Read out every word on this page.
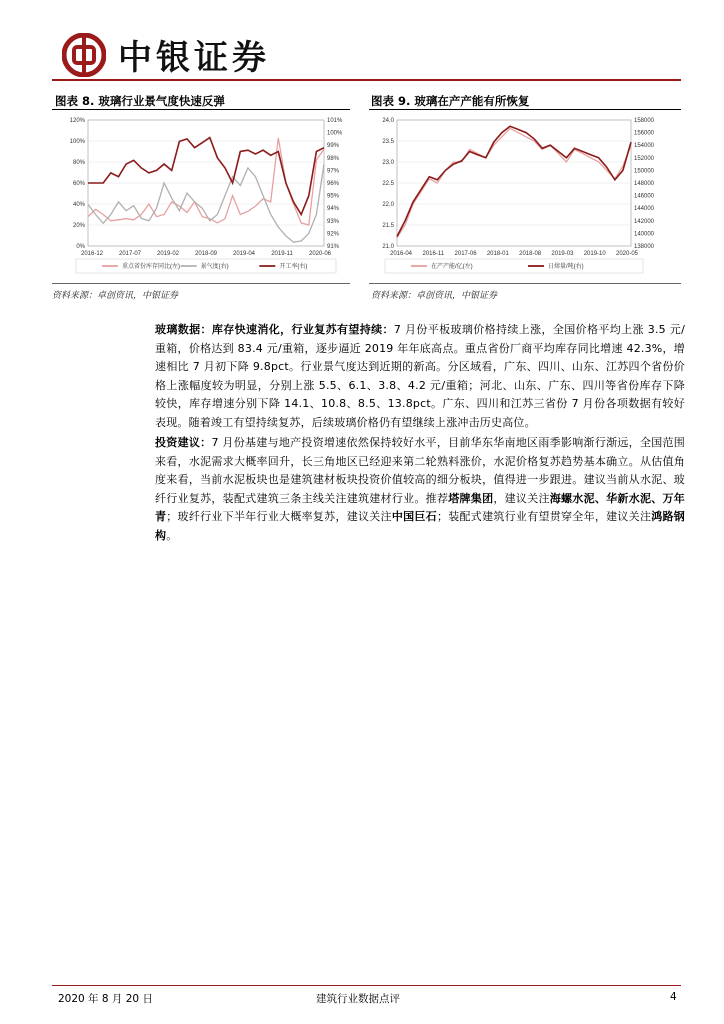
中银证券
图表 8. 玻璃行业景气度快速反弹
0%
20%
40%
60%
80%
100%
120%
91%
92%
93%
94%
95%
96%
97%
98%
99%
100%
101%
2016-12	2017-07	2019-02	2018-09	2019-04	2019-11	2020-06
重点省份库存同比(左)	景气度(右)	开工率(右)
资料来源：卓创资讯，中银证券
图表 9. 玻璃在产产能有所恢复
21.0
21.5
22.0
22.5
23.0
23.5
24.0
138000
140000
142000
144000
146000
148000
150000
152000
154000
156000
158000
2016-04 2016-11 2017-06 2018-01 2018-08 2019-03 2019-10 2020-05
在产产能/亿(左)	日熔量/吨(右)
资料来源：卓创资讯，中银证券
玻璃数据：库存快速消化，行业复苏有望持续：7 月份平板玻璃价格持续上涨，全国价格平均上涨 3.5 元/重箱，价格达到 83.4 元/重箱，逐步逼近 2019 年年底高点。重点省份厂商平均库存同比增速 42.3%，增速相比 7 月初下降 9.8pct。行业景气度达到近期的新高。分区域看，广东、四川、山东、江苏四个省份价格上涨幅度较为明显，分别上涨 5.5、6.1、3.8、4.2 元/重箱；河北、山东、广东、四川等省份库存下降较快，库存增速分别下降 14.1、10.8、8.5、13.8pct。广东、四川和江苏三省份 7 月份各项数据有较好表现。随着竣工有望持续复苏，后续玻璃价格仍有望继续上涨冲击历史高位。
投资建议：7 月份基建与地产投资增速依然保持较好水平，目前华东华南地区雨季影响渐行渐远，全国范围来看，水泥需求大概率回升，长三角地区已经迎来第二轮熟料涨价，水泥价格复苏趋势基本确立。从估值角度来看，当前水泥板块也是建筑建材板块投资价值较高的细分板块，值得进一步跟进。建议当前从水泥、玻纤行业复苏，装配式建筑三条主线关注建筑建材行业。推荐塔牌集团，建议关注海螺水泥、华新水泥、万年青；玻纤行业下半年行业大概率复苏，建议关注中国巨石；装配式建筑行业有望贯穿全年，建议关注鸿路钢构。
2020 年 8 月 20 日	建筑行业数据点评	4
